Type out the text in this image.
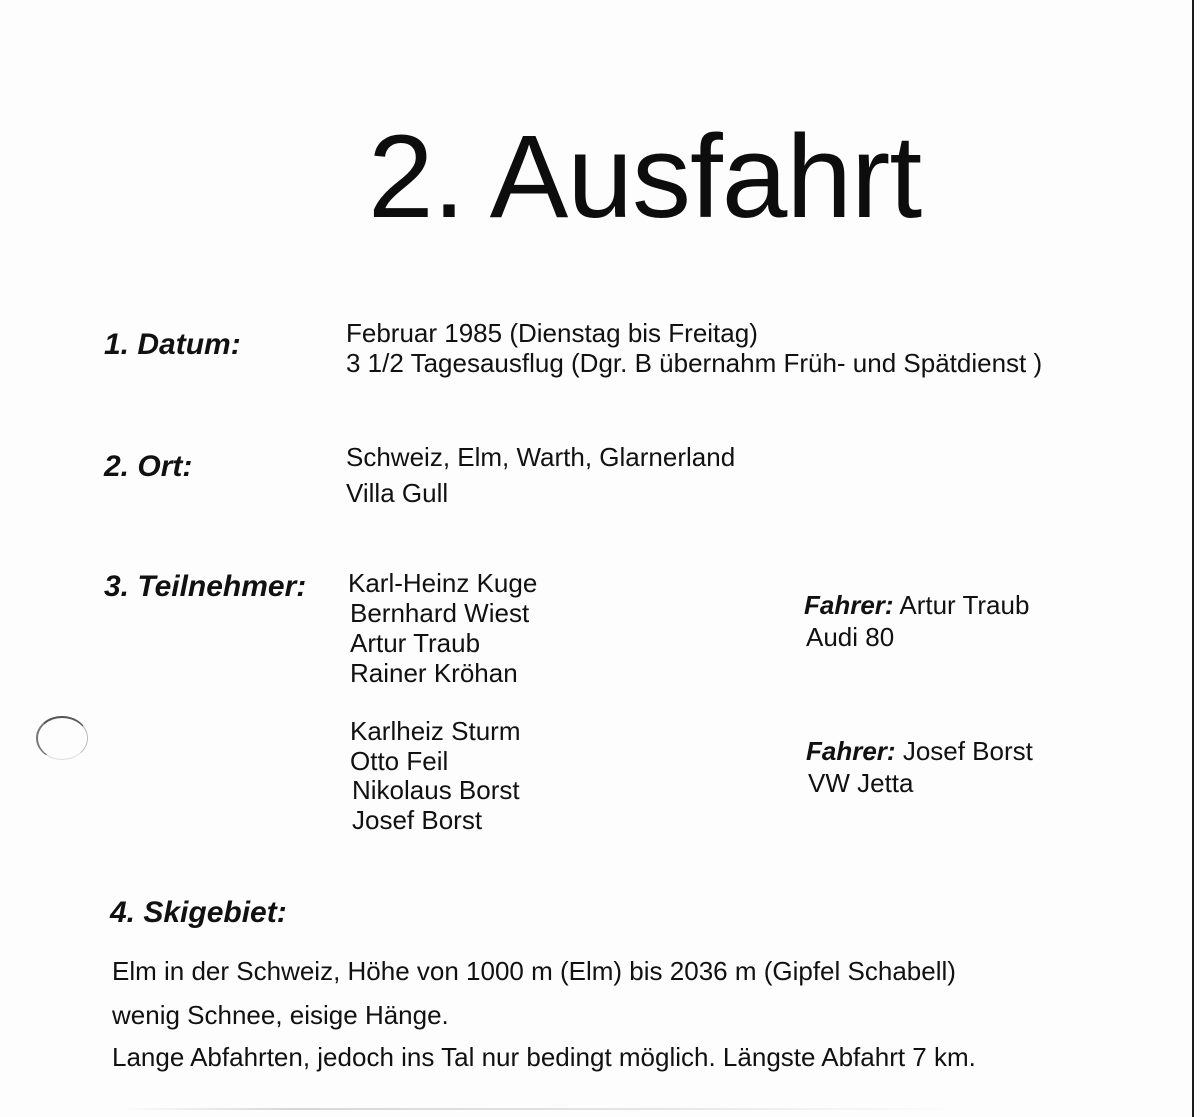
2. Ausfahrt
1. Datum:	Februar 1985 (Dienstag bis Freitag)
3 1/2 Tagesausflug (Dgr. B übernahm Früh- und Spätdienst )
2. Ort:	Schweiz, Elm, Warth, Glarnerland
Villa Gull
3. Teilnehmer: Karl-Heinz Kuge
Bernhard Wiest
Artur Traub
Rainer Kröhan
Fahrer: Artur Traub
Audi 80
Karlheiz Sturm
Otto Feil
Nikolaus Borst
Josef Borst
Fahrer: Josef Borst
VW Jetta
4. Skigebiet:
Elm in der Schweiz, Höhe von 1000 m (Elm) bis 2036 m (Gipfel Schabell)
wenig Schnee, eisige Hänge.
Lange Abfahrten, jedoch ins Tal nur bedingt möglich. Längste Abfahrt 7 km.
